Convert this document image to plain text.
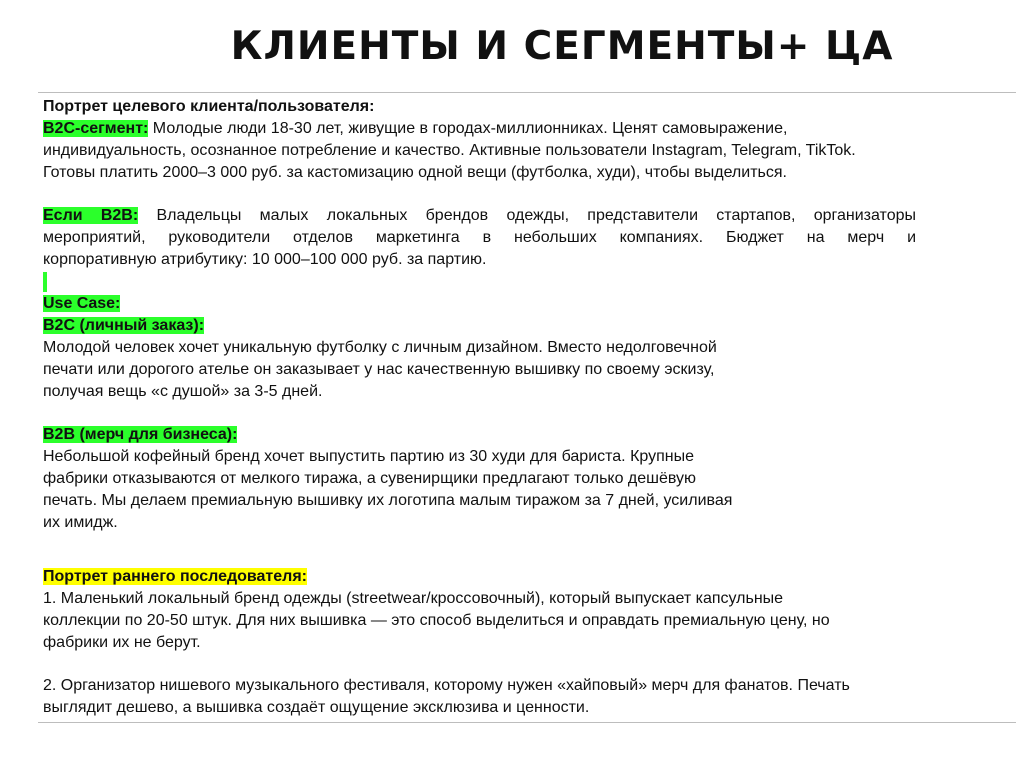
КЛИЕНТЫ И СЕГМЕНТЫ+ ЦА
Портрет целевого клиента/пользователя:
B2C-сегмент: Молодые люди 18-30 лет, живущие в городах-миллионниках. Ценят самовыражение,
индивидуальность, осознанное потребление и качество. Активные пользователи Instagram, Telegram, TikTok.
Готовы платить 2000–3 000 руб. за кастомизацию одной вещи (футболка, худи), чтобы выделиться.
Если B2B: Владельцы малых локальных брендов одежды, представители стартапов, организаторы
мероприятий, руководители отделов маркетинга в небольших компаниях. Бюджет на мерч и
корпоративную атрибутику: 10 000–100 000 руб. за партию.
Use Case:
B2C (личный заказ):
Молодой человек хочет уникальную футболку с личным дизайном. Вместо недолговечной
печати или дорогого ателье он заказывает у нас качественную вышивку по своему эскизу,
получая вещь «с душой» за 3-5 дней.
B2B (мерч для бизнеса):
Небольшой кофейный бренд хочет выпустить партию из 30 худи для бариста. Крупные
фабрики отказываются от мелкого тиража, а сувенирщики предлагают только дешёвую
печать. Мы делаем премиальную вышивку их логотипа малым тиражом за 7 дней, усиливая
их имидж.
Портрет раннего последователя:
1. Маленький локальный бренд одежды (streetwear/кроссовочный), который выпускает капсульные
коллекции по 20-50 штук. Для них вышивка — это способ выделиться и оправдать премиальную цену, но
фабрики их не берут.
2. Организатор нишевого музыкального фестиваля, которому нужен «хайповый» мерч для фанатов. Печать
выглядит дешево, а вышивка создаёт ощущение эксклюзива и ценности.
